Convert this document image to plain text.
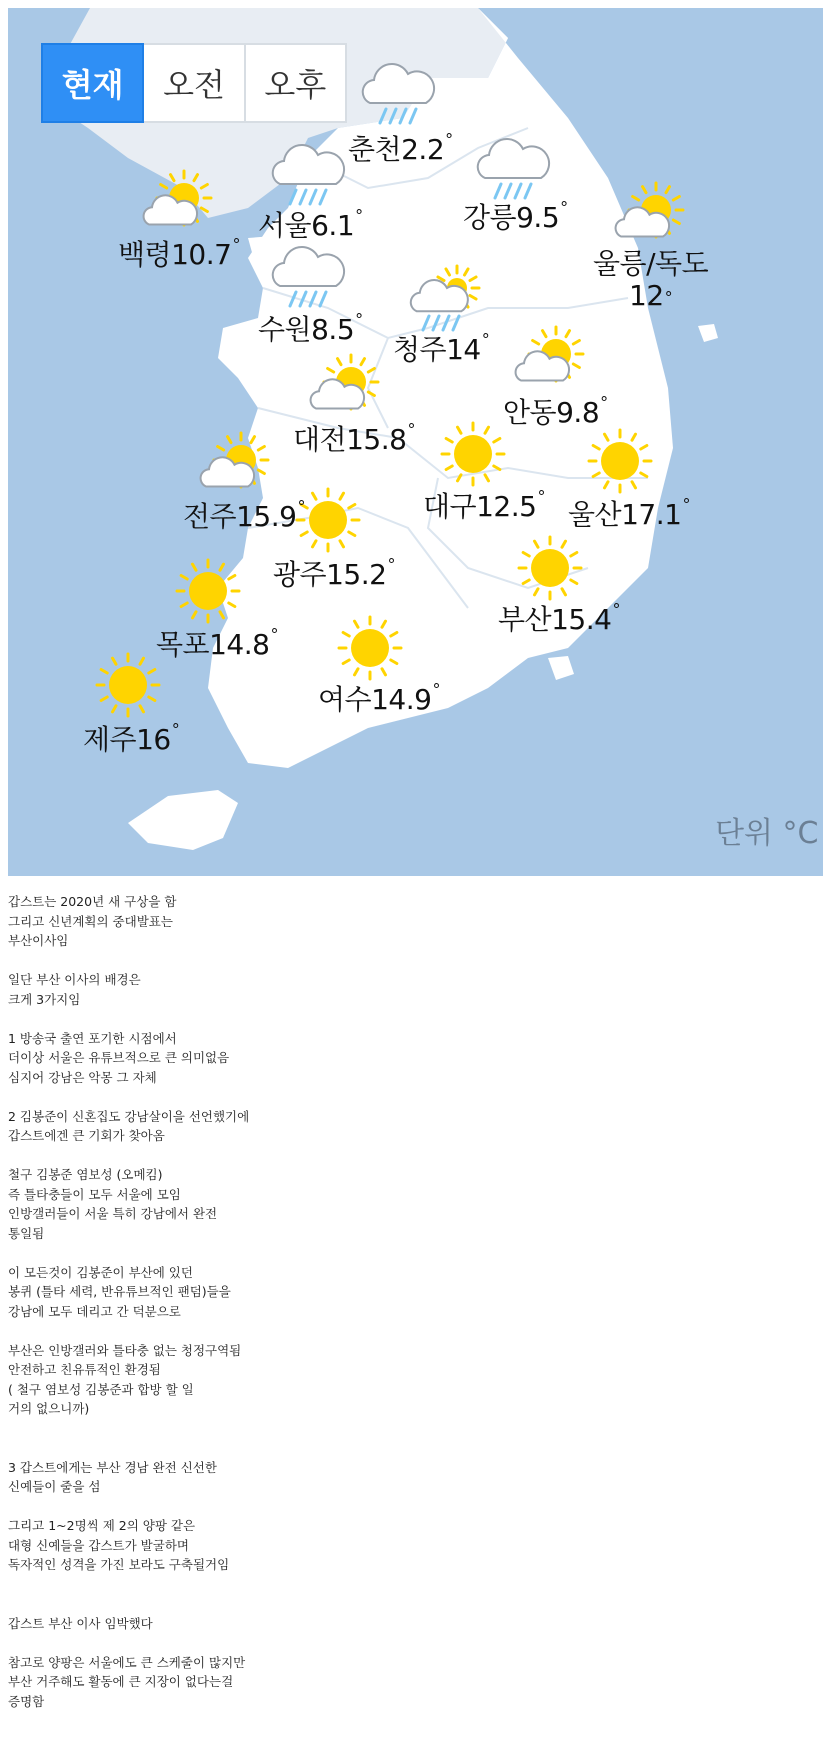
현재	오전	오후
춘천2.2°
서울6.1°	강릉9.5°
백령10.7°
울릉/독도
12°
수원8.5°
청주14°
안동9.8°
대전15.8°
전주15.9°	대구12.5°
울산17.1°
광주15.2°
목포14.8°	부산15.4°
여수14.9°
제주16°
단위 °C

갑스트는 2020년 새 구상을 함

그리고 신년계획의 중대발표는

부산이사임

일단 부산 이사의 배경은

크게 3가지임

1 방송국 출연 포기한 시점에서

더이상 서울은 유튜브적으로 큰 의미없음

심지어 강남은 악몽 그 자체

2 김봉준이 신혼집도 강남살이을 선언했기에

갑스트에겐 큰 기회가 찾아옴

철구 김봉준 염보성 (오메킴)

즉 틀타충들이 모두 서울에 모임

인방갤러들이 서울 특히 강남에서 완전

통일됨

이 모든것이 김봉준이 부산에 있던

봉퀴 (틀타 세력, 반유튜브적인 팬덤)들을

강남에 모두 데리고 간 덕분으로

부산은 인방갤러와 틀타충 없는 청정구역됨

안전하고 친유튜적인 환경됨

( 철구 염보성 김봉준과 합방 할 일

거의 없으니까)

3 갑스트에게는 부산 경남 완전 신선한

신예들이 줄을 섬

그리고 1~2명씩 제 2의 양팡 같은

대형 신예들을 갑스트가 발굴하며

독자적인 성격을 가진 보라도 구축될거임

갑스트 부산 이사 임박했다

참고로 양팡은 서울에도 큰 스케줄이 많지만

부산 거주해도 활동에 큰 지장이 없다는걸

증명함
